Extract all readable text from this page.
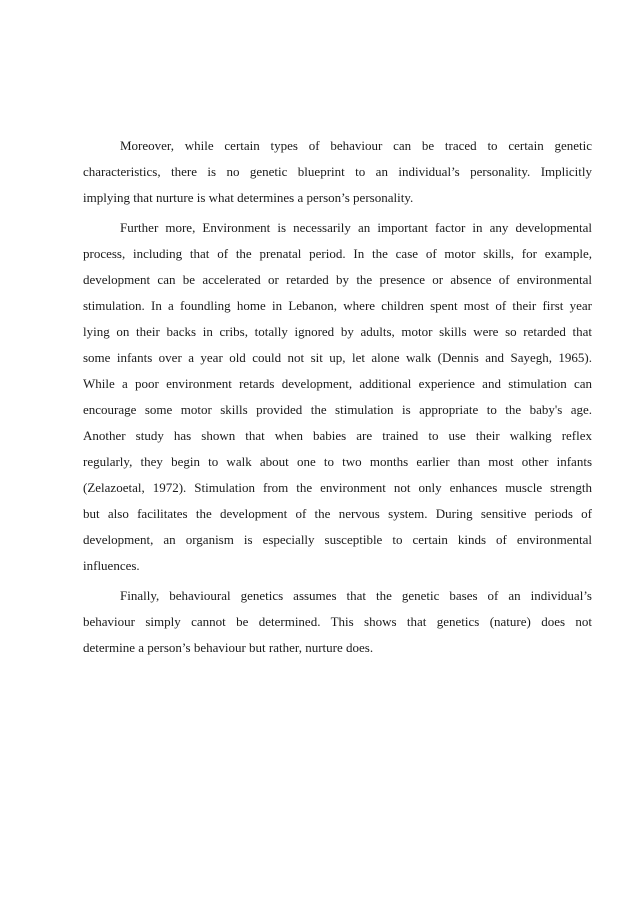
Moreover, while certain types of behaviour can be traced to certain genetic
characteristics, there is no genetic blueprint to an individual’s personality. Implicitly
implying that nurture is what determines a person’s personality.
Further more, Environment is necessarily an important factor in any developmental
process, including that of the prenatal period. In the case of motor skills, for example,
development can be accelerated or retarded by the presence or absence of environmental
stimulation. In a foundling home in Lebanon, where children spent most of their first year
lying on their backs in cribs, totally ignored by adults, motor skills were so retarded that
some infants over a year old could not sit up, let alone walk (Dennis and Sayegh, 1965).
While a poor environment retards development, additional experience and stimulation can
encourage some motor skills provided the stimulation is appropriate to the baby's age.
Another study has shown that when babies are trained to use their walking reflex
regularly, they begin to walk about one to two months earlier than most other infants
(Zelazoetal, 1972). Stimulation from the environment not only enhances muscle strength
but also facilitates the development of the nervous system. During sensitive periods of
development, an organism is especially susceptible to certain kinds of environmental
influences.
Finally, behavioural genetics assumes that the genetic bases of an individual’s
behaviour simply cannot be determined. This shows that genetics (nature) does not
determine a person’s behaviour but rather, nurture does.
